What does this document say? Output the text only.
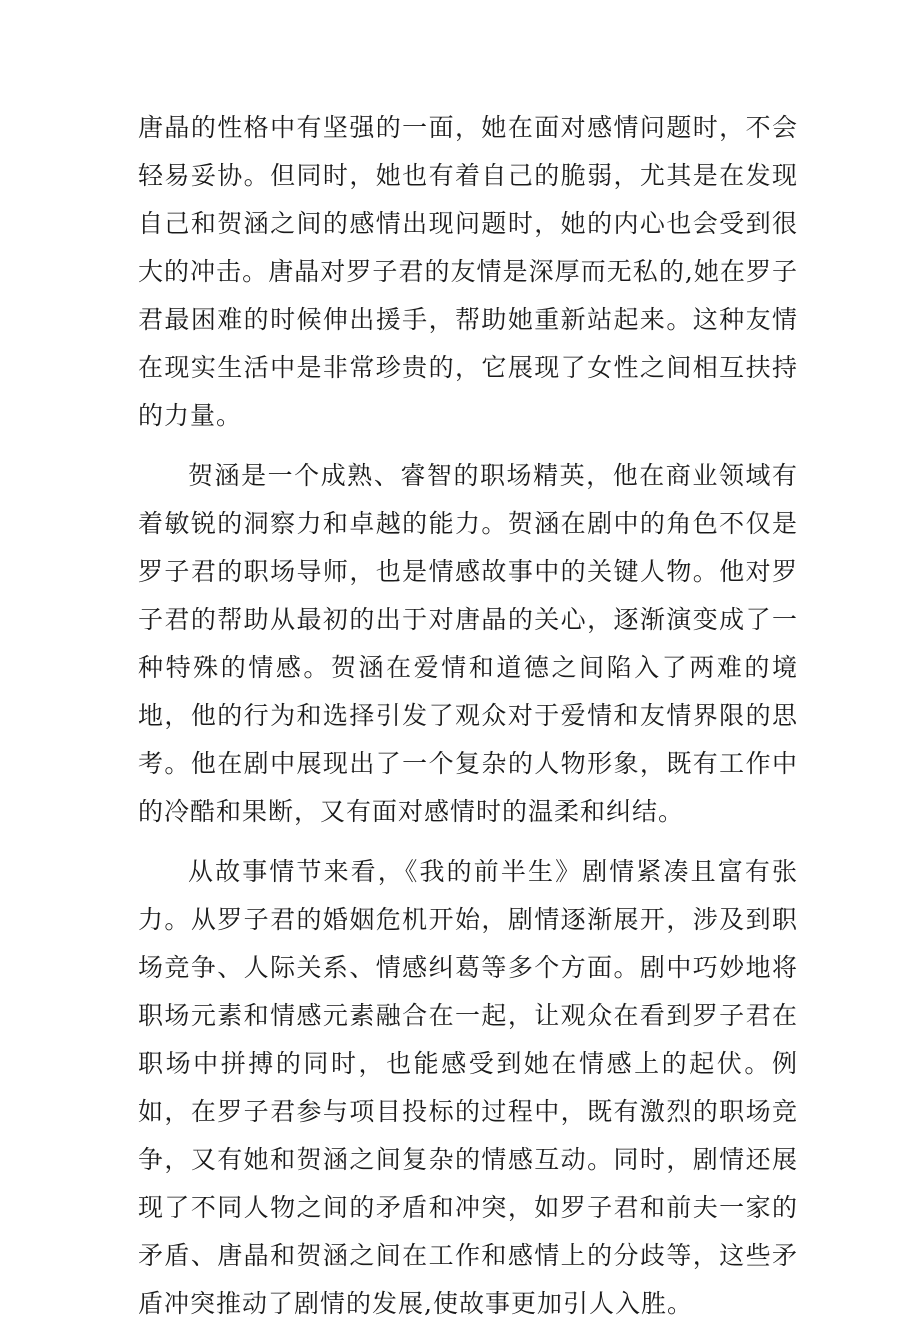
唐晶的性格中有坚强的一面，她在面对感情问题时，不会轻易妥协。但同时，她也有着自己的脆弱，尤其是在发现自己和贺涵之间的感情出现问题时，她的内心也会受到很大的冲击。唐晶对罗子君的友情是深厚而无私的,她在罗子君最困难的时候伸出援手，帮助她重新站起来。这种友情在现实生活中是非常珍贵的，它展现了女性之间相互扶持的力量。

贺涵是一个成熟、睿智的职场精英，他在商业领域有着敏锐的洞察力和卓越的能力。贺涵在剧中的角色不仅是罗子君的职场导师，也是情感故事中的关键人物。他对罗子君的帮助从最初的出于对唐晶的关心，逐渐演变成了一种特殊的情感。贺涵在爱情和道德之间陷入了两难的境地，他的行为和选择引发了观众对于爱情和友情界限的思考。他在剧中展现出了一个复杂的人物形象，既有工作中的冷酷和果断，又有面对感情时的温柔和纠结。

从故事情节来看，《我的前半生》剧情紧凑且富有张力。从罗子君的婚姻危机开始，剧情逐渐展开，涉及到职场竞争、人际关系、情感纠葛等多个方面。剧中巧妙地将职场元素和情感元素融合在一起，让观众在看到罗子君在职场中拼搏的同时，也能感受到她在情感上的起伏。例如，在罗子君参与项目投标的过程中，既有激烈的职场竞争，又有她和贺涵之间复杂的情感互动。同时，剧情还展现了不同人物之间的矛盾和冲突，如罗子君和前夫一家的矛盾、唐晶和贺涵之间在工作和感情上的分歧等，这些矛盾冲突推动了剧情的发展,使故事更加引人入胜。
